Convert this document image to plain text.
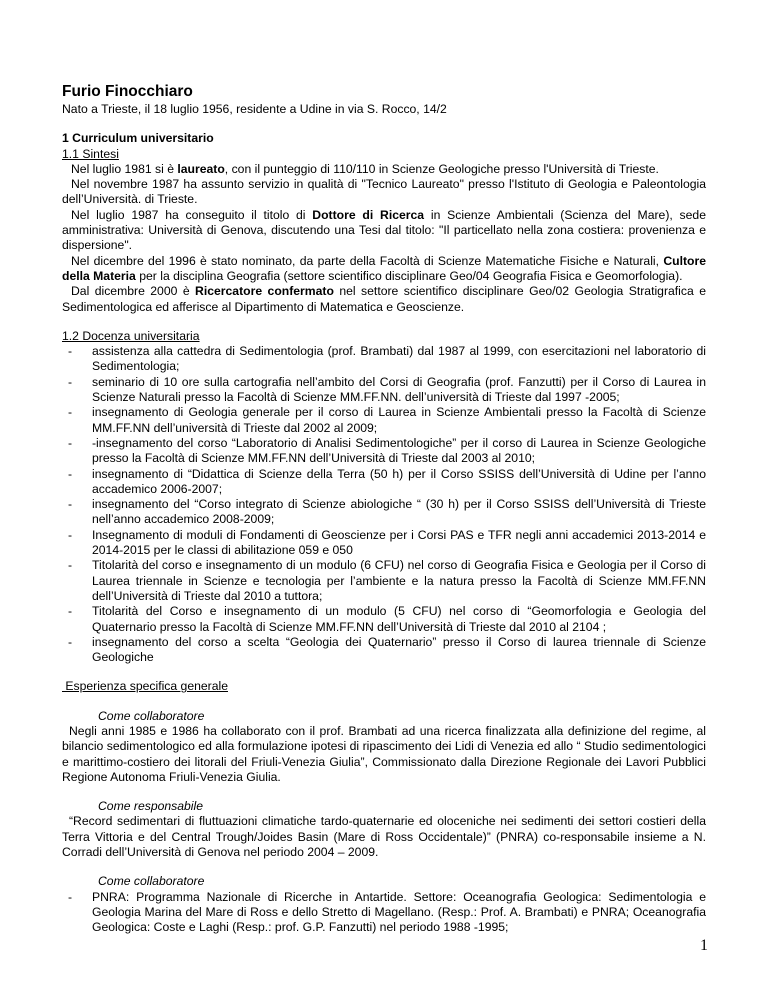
Furio Finocchiaro

Nato a Trieste, il 18 luglio 1956, residente a Udine in via S. Rocco, 14/2

1 Curriculum universitario

1.1 Sintesi

Nel luglio 1981 si è laureato, con il punteggio di 110/110 in Scienze Geologiche presso l'Università di Trieste.

Nel novembre 1987 ha assunto servizio in qualità di "Tecnico Laureato" presso l'Istituto di Geologia e Paleontologia dell’Università. di Trieste.

Nel luglio 1987 ha conseguito il titolo di Dottore di Ricerca in Scienze Ambientali (Scienza del Mare), sede amministrativa: Università di Genova, discutendo una Tesi dal titolo: "Il particellato nella zona costiera: provenienza e dispersione".

Nel dicembre del 1996 è stato nominato, da parte della Facoltà di Scienze Matematiche Fisiche e Naturali, Cultore della Materia per la disciplina Geografia (settore scientifico disciplinare Geo/04 Geografia Fisica e Geomorfologia).

Dal dicembre 2000 è Ricercatore confermato nel settore scientifico disciplinare Geo/02 Geologia Stratigrafica e Sedimentologica ed afferisce al Dipartimento di Matematica e Geoscienze.

1.2 Docenza universitaria

- assistenza alla cattedra di Sedimentologia (prof. Brambati) dal 1987 al 1999, con esercitazioni nel laboratorio di Sedimentologia;
- seminario di 10 ore sulla cartografia nell’ambito del Corsi di Geografia (prof. Fanzutti) per il Corso di Laurea in Scienze Naturali presso la Facoltà di Scienze MM.FF.NN. dell’università di Trieste dal 1997 -2005;
- insegnamento di Geologia generale per il corso di Laurea in Scienze Ambientali presso la Facoltà di Scienze MM.FF.NN dell’università di Trieste dal 2002 al 2009;
- -insegnamento del corso “Laboratorio di Analisi Sedimentologiche” per il corso di Laurea in Scienze Geologiche presso la Facoltà di Scienze MM.FF.NN dell’Università di Trieste dal 2003 al 2010;
- insegnamento di “Didattica di Scienze della Terra (50 h) per il Corso SSISS dell’Università di Udine per l’anno accademico 2006-2007;
- insegnamento del “Corso integrato di Scienze abiologiche “ (30 h) per il Corso SSISS dell’Università di Trieste nell’anno accademico 2008-2009;
- Insegnamento di moduli di Fondamenti di Geoscienze per i Corsi PAS e TFR negli anni accademici 2013-2014 e 2014-2015 per le classi di abilitazione 059 e 050
- Titolarità del corso e insegnamento di un modulo (6 CFU) nel corso di Geografia Fisica e Geologia per il Corso di Laurea triennale in Scienze e tecnologia per l’ambiente e la natura presso la Facoltà di Scienze MM.FF.NN dell’Università di Trieste dal 2010 a tuttora;
- Titolarità del Corso e insegnamento di un modulo (5 CFU) nel corso di “Geomorfologia e Geologia del Quaternario presso la Facoltà di Scienze MM.FF.NN dell’Università di Trieste dal 2010 al 2104 ;
- insegnamento del corso a scelta “Geologia dei Quaternario” presso il Corso di laurea triennale di Scienze Geologiche

Esperienza specifica generale

Come collaboratore

Negli anni 1985 e 1986 ha collaborato con il prof. Brambati ad una ricerca finalizzata alla definizione del regime, al bilancio sedimentologico ed alla formulazione ipotesi di ripascimento dei Lidi di Venezia ed allo “ Studio sedimentologici e marittimo-costiero dei litorali del Friuli-Venezia Giulia”, Commissionato dalla Direzione Regionale dei Lavori Pubblici Regione Autonoma Friuli-Venezia Giulia.

Come responsabile

“Record sedimentari di fluttuazioni climatiche tardo-quaternarie ed oloceniche nei sedimenti dei settori costieri della Terra Vittoria e del Central Trough/Joides Basin (Mare di Ross Occidentale)” (PNRA) co-responsabile insieme a N. Corradi dell’Università di Genova nel periodo 2004 – 2009.

Come collaboratore

- PNRA: Programma Nazionale di Ricerche in Antartide. Settore: Oceanografia Geologica: Sedimentologia e Geologia Marina del Mare di Ross e dello Stretto di Magellano. (Resp.: Prof. A. Brambati) e PNRA; Oceanografia Geologica: Coste e Laghi (Resp.: prof. G.P. Fanzutti) nel periodo 1988 -1995;
1
